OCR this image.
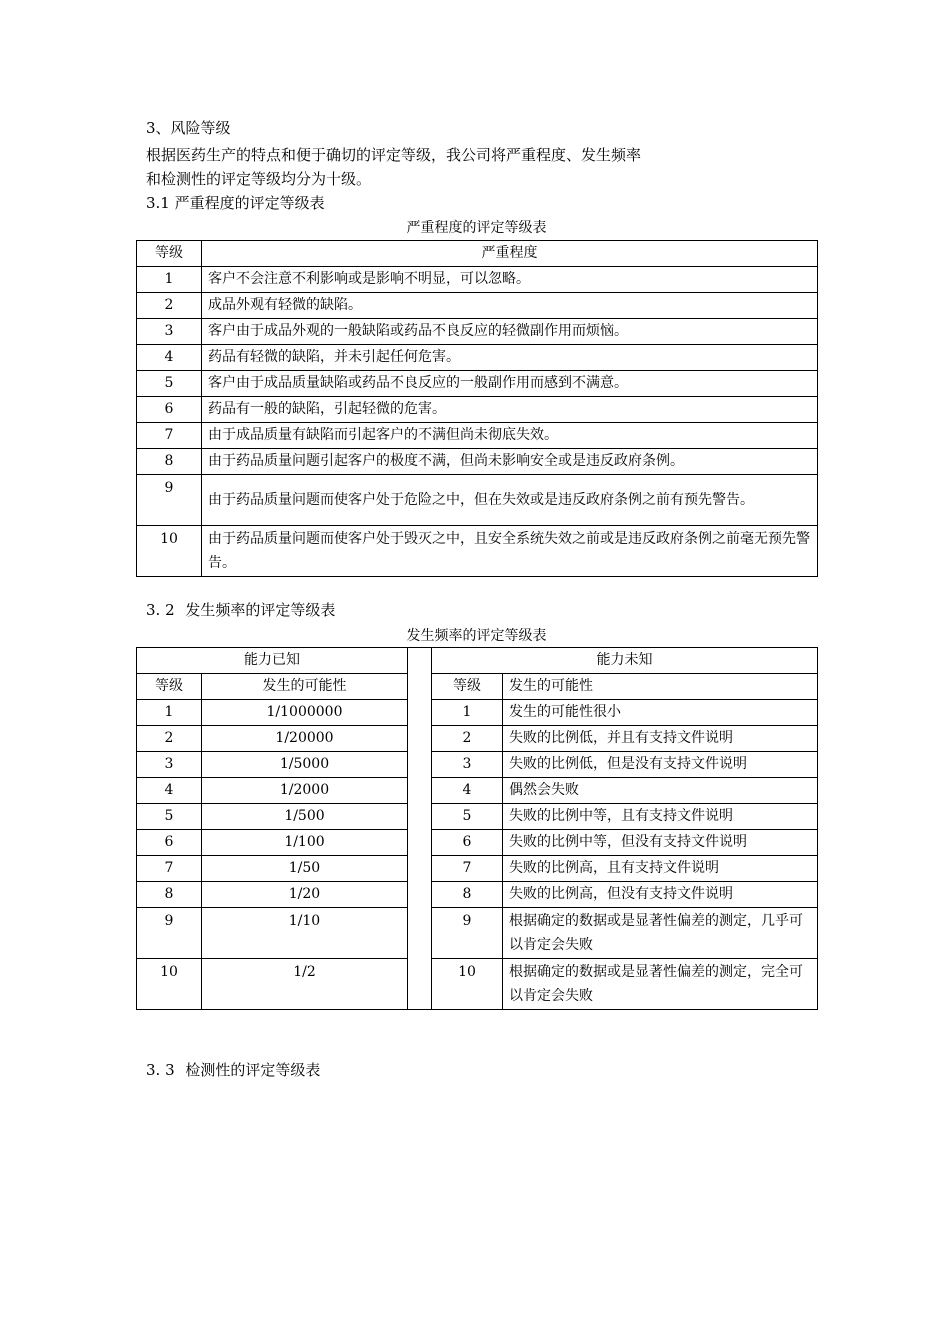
3、风险等级
根据医药生产的特点和便于确切的评定等级，我公司将严重程度、发生频率
和检测性的评定等级均分为十级。
3.1 严重程度的评定等级表
严重程度的评定等级表
等级	严重程度
1	客户不会注意不利影响或是影响不明显，可以忽略。
2	成品外观有轻微的缺陷。
3	客户由于成品外观的一般缺陷或药品不良反应的轻微副作用而烦恼。
4	药品有轻微的缺陷，并未引起任何危害。
5	客户由于成品质量缺陷或药品不良反应的一般副作用而感到不满意。
6	药品有一般的缺陷，引起轻微的危害。
7	由于成品质量有缺陷而引起客户的不满但尚未彻底失效。
8	由于药品质量问题引起客户的极度不满，但尚未影响安全或是违反政府条例。
9	由于药品质量问题而使客户处于危险之中，但在失效或是违反政府条例之前有预先警告。
10	由于药品质量问题而使客户处于毁灭之中，且安全系统失效之前或是违反政府条例之前毫无预先警告。
3. 2 发生频率的评定等级表
发生频率的评定等级表
能力已知			能力未知	
等级	发生的可能性		等级	发生的可能性
1	1/1000000		1	发生的可能性很小
2	1/20000		2	失败的比例低，并且有支持文件说明
3	1/5000		3	失败的比例低，但是没有支持文件说明
4	1/2000		4	偶然会失败
5	1/500		5	失败的比例中等，且有支持文件说明
6	1/100		6	失败的比例中等，但没有支持文件说明
7	1/50		7	失败的比例高，且有支持文件说明
8	1/20		8	失败的比例高，但没有支持文件说明
9	1/10		9	根据确定的数据或是显著性偏差的测定，几乎可以肯定会失败
10	1/2		10	根据确定的数据或是显著性偏差的测定，完全可以肯定会失败
3. 3 检测性的评定等级表
